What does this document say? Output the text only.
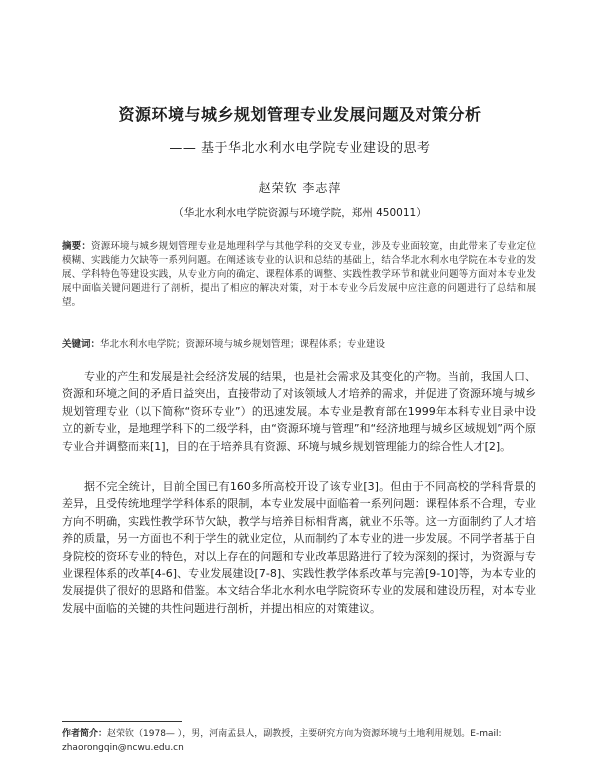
资源环境与城乡规划管理专业发展问题及对策分析
—— 基于华北水利水电学院专业建设的思考
赵荣钦 李志萍
（华北水利水电学院资源与环境学院，郑州 450011）
摘要：资源环境与城乡规划管理专业是地理科学与其他学科的交叉专业，涉及专业面较宽，由此带来了专业定位模糊、实践能力欠缺等一系列问题。在阐述该专业的认识和总结的基础上，结合华北水利水电学院在本专业的发展、学科特色等建设实践，从专业方向的确定、课程体系的调整、实践性教学环节和就业问题等方面对本专业发展中面临关键问题进行了剖析，提出了相应的解决对策，对于本专业今后发展中应注意的问题进行了总结和展望。
关键词：华北水利水电学院；资源环境与城乡规划管理；课程体系；专业建设

专业的产生和发展是社会经济发展的结果，也是社会需求及其变化的产物。当前，我国人口、资源和环境之间的矛盾日益突出，直接带动了对该领域人才培养的需求，并促进了资源环境与城乡规划管理专业（以下简称“资环专业”）的迅速发展。本专业是教育部在1999年本科专业目录中设立的新专业，是地理学科下的二级学科，由“资源环境与管理”和“经济地理与城乡区域规划”两个原专业合并调整而来[1]，目的在于培养具有资源、环境与城乡规划管理能力的综合性人才[2]。

据不完全统计，目前全国已有160多所高校开设了该专业[3]。但由于不同高校的学科背景的差异，且受传统地理学学科体系的限制，本专业发展中面临着一系列问题：课程体系不合理，专业方向不明确，实践性教学环节欠缺，教学与培养目标相背离，就业不乐等。这一方面制约了人才培养的质量，另一方面也不利于学生的就业定位，从而制约了本专业的进一步发展。不同学者基于自身院校的资环专业的特色，对以上存在的问题和专业改革思路进行了较为深刻的探讨，为资源与专业课程体系的改革[4-6]、专业发展建设[7-8]、实践性教学体系改革与完善[9-10]等，为本专业的发展提供了很好的思路和借鉴。本文结合华北水利水电学院资环专业的发展和建设历程，对本专业发展中面临的关键的共性问题进行剖析，并提出相应的对策建议。

作者简介：赵荣钦（1978— ），男，河南孟县人，副教授，主要研究方向为资源环境与土地利用规划。E-mail: zhaorongqin@ncwu.edu.cn
